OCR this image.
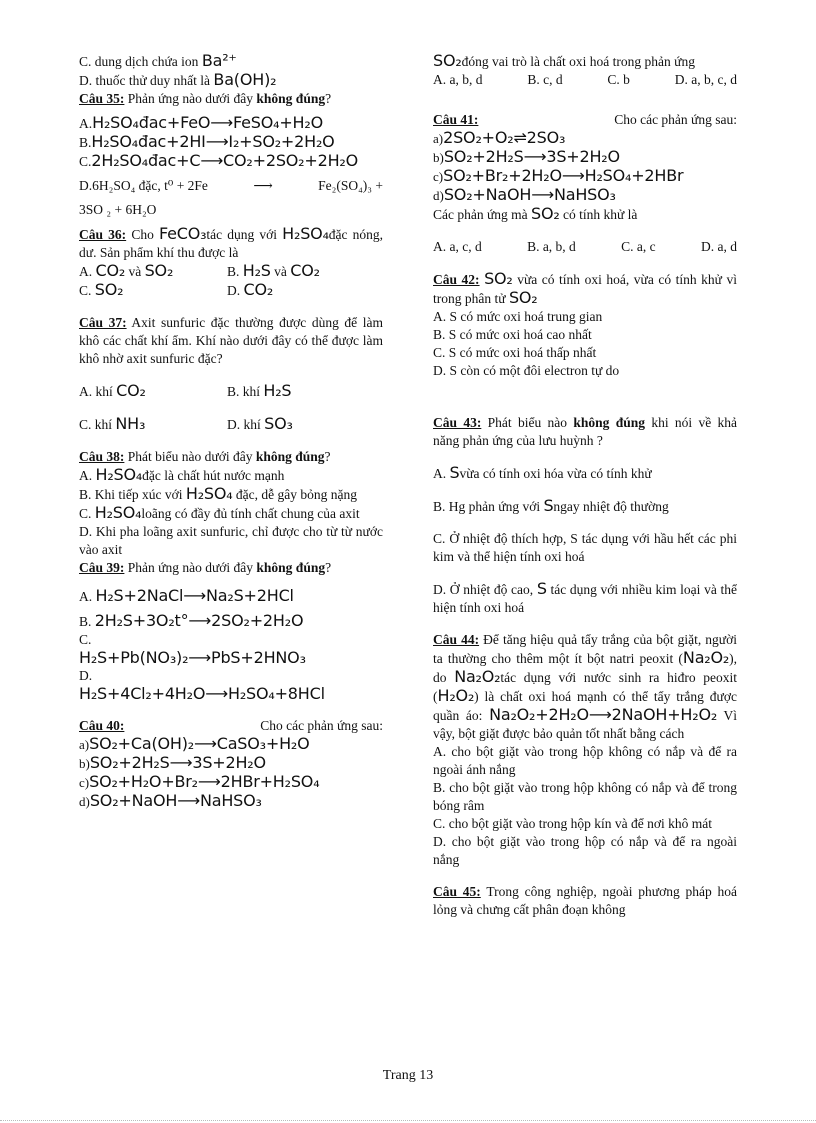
C. dung dịch chứa ion Ba²⁺
D. thuốc thử duy nhất là Ba(OH)₂
Câu 35: Phản ứng nào dưới đây không đúng?
A.H₂SO₄đac+FeO⟶FeSO₄+H₂O
B.H₂SO₄đac+2HI⟶I₂+SO₂+2H₂O
C.2H₂SO₄đac+C⟶CO₂+2SO₂+2H₂O
D.6H₂SO₄ đặc, t⁰ + 2Fe	⟶	Fe₂(SO₄)₃ +
3SO ₂ + 6H₂O
Câu 36: Cho FeCO₃tác dụng với H₂SO₄đặc nóng, dư. Sản phẩm khí thu được là
A. CO₂ và SO₂	B. H₂S và CO₂
C. SO₂	D. CO₂
Câu 37: Axit sunfuric đặc thường được dùng để làm khô các chất khí ẩm. Khí nào dưới đây có thể được làm khô nhờ axit sunfuric đặc?
A. khí CO₂	B. khí H₂S
C. khí NH₃	D. khí SO₃
Câu 38: Phát biểu nào dưới đây không đúng?
A. H₂SO₄đặc là chất hút nước mạnh
B. Khi tiếp xúc với H₂SO₄ đặc, dễ gây bỏng nặng
C. H₂SO₄loãng có đầy đủ tính chất chung của axit
D. Khi pha loãng axit sunfuric, chỉ được cho từ từ nước vào axit
Câu 39: Phản ứng nào dưới đây không đúng?
A. H₂S+2NaCl⟶Na₂S+2HCl
B. 2H₂S+3O₂t°⟶2SO₂+2H₂O
C.
H₂S+Pb(NO₃)₂⟶PbS+2HNO₃
D.
H₂S+4Cl₂+4H₂O⟶H₂SO₄+8HCl
Câu 40:	Cho các phản ứng sau:
a)SO₂+Ca(OH)₂⟶CaSO₃+H₂O
b)SO₂+2H₂S⟶3S+2H₂O
c)SO₂+H₂O+Br₂⟶2HBr+H₂SO₄
d)SO₂+NaOH⟶NaHSO₃
SO₂đóng vai trò là chất oxi hoá trong phản ứng
A. a, b, d	B. c, d	C. b	D. a, b, c, d
Câu 41:	Cho các phản ứng sau:
a)2SO₂+O₂⇌2SO₃
b)SO₂+2H₂S⟶3S+2H₂O
c)SO₂+Br₂+2H₂O⟶H₂SO₄+2HBr
d)SO₂+NaOH⟶NaHSO₃
Các phản ứng mà SO₂ có tính khử là
A. a, c, d	B. a, b, d	C. a, c	D. a, d
Câu 42: SO₂ vừa có tính oxi hoá, vừa có tính khử vì trong phân tử SO₂
A. S có mức oxi hoá trung gian
B. S có mức oxi hoá cao nhất
C. S có mức oxi hoá thấp nhất
D. S còn có một đôi electron tự do
Câu 43: Phát biểu nào không đúng khi nói về khả năng phản ứng của lưu huỳnh ?
A. Svừa có tính oxi hóa vừa có tính khử
B. Hg phản ứng với Sngay nhiệt độ thường
C. Ở nhiệt độ thích hợp, S tác dụng với hầu hết các phi kim và thể hiện tính oxi hoá
D. Ở nhiệt độ cao, S tác dụng với nhiều kim loại và thể hiện tính oxi hoá
Câu 44: Để tăng hiệu quả tẩy trắng của bột giặt, người ta thường cho thêm một ít bột natri peoxit (Na₂O₂), do Na₂O₂tác dụng với nước sinh ra hiđro peoxit (H₂O₂) là chất oxi hoá mạnh có thể tẩy trắng được quần áo: Na₂O₂+2H₂O⟶2NaOH+H₂O₂ Vì vậy, bột giặt được bảo quản tốt nhất bằng cách
A. cho bột giặt vào trong hộp không có nắp và để ra ngoài ánh nắng
B. cho bột giặt vào trong hộp không có nắp và để trong bóng râm
C. cho bột giặt vào trong hộp kín và để nơi khô mát
D. cho bột giặt vào trong hộp có nắp và để ra ngoài nắng
Câu 45: Trong công nghiệp, ngoài phương pháp hoá lỏng và chưng cất phân đoạn không
Trang 13
